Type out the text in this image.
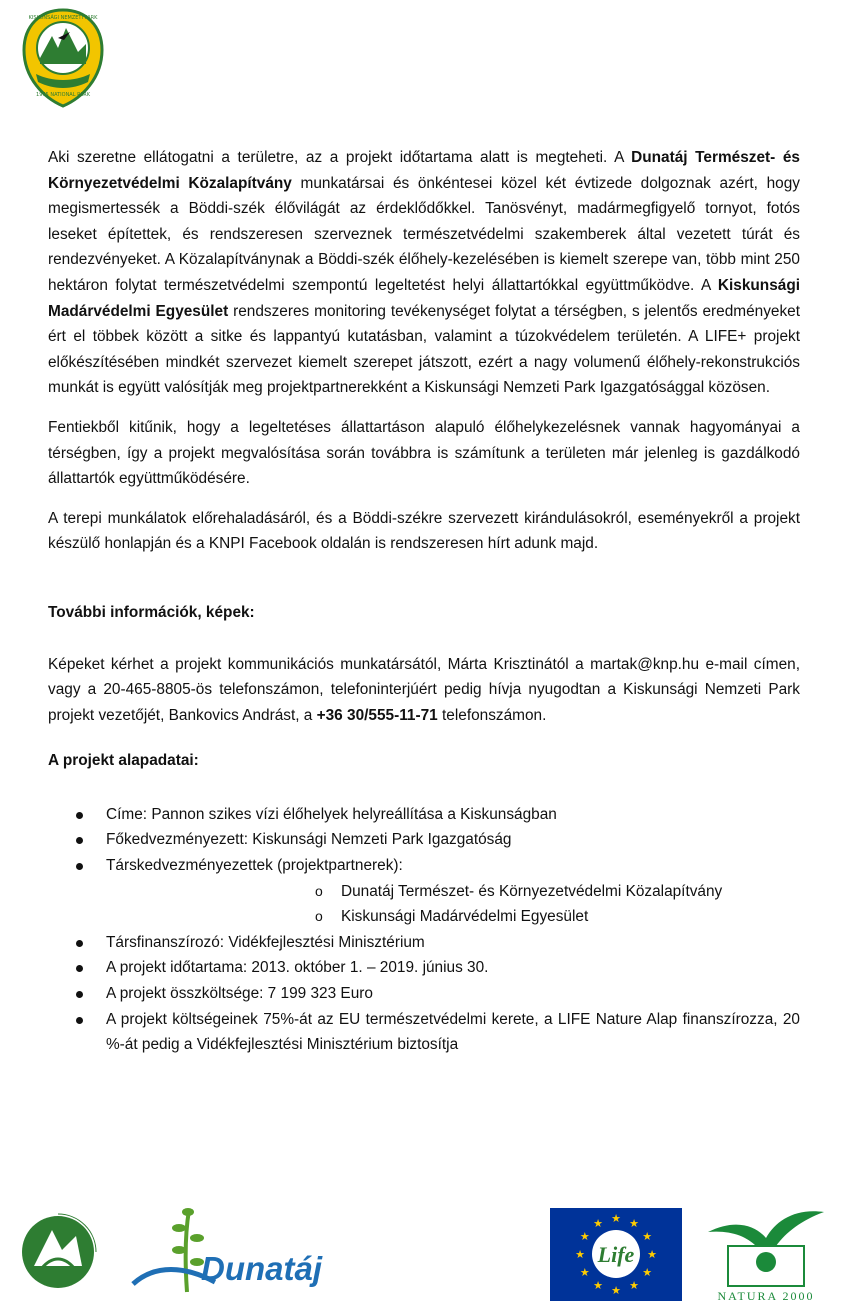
1975 NATIONAL PARK
KISKUNSÁGI NEMZETI PARK

Aki szeretne ellátogatni a területre, az a projekt időtartama alatt is megteheti. A Dunatáj Természet- és Környezetvédelmi Közalapítvány munkatársai és önkéntesei közel két évtizede dolgoznak azért, hogy megismertessék a Böddi-szék élővilágát az érdeklődőkkel. Tanösvényt, madármegfigyelő tornyot, fotós leseket építettek, és rendszeresen szerveznek természetvédelmi szakemberek által vezetett túrát és rendezvényeket. A Közalapítványnak a Böddi-szék élőhely-kezelésében is kiemelt szerepe van, több mint 250 hektáron folytat természetvédelmi szempontú legeltetést helyi állattartókkal együttműködve. A Kiskunsági Madárvédelmi Egyesület rendszeres monitoring tevékenységet folytat a térségben, s jelentős eredményeket ért el többek között a sitke és lappantyú kutatásban, valamint a túzokvédelem területén. A LIFE+ projekt előkészítésében mindkét szervezet kiemelt szerepet játszott, ezért a nagy volumenű élőhely-rekonstrukciós munkát is együtt valósítják meg projektpartnerekként a Kiskunsági Nemzeti Park Igazgatósággal közösen.

Fentiekből kitűnik, hogy a legeltetéses állattartáson alapuló élőhelykezelésnek vannak hagyományai a térségben, így a projekt megvalósítása során továbbra is számítunk a területen már jelenleg is gazdálkodó állattartók együttműködésére.

A terepi munkálatok előrehaladásáról, és a Böddi-székre szervezett kirándulásokról, eseményekről a projekt készülő honlapján és a KNPI Facebook oldalán is rendszeresen hírt adunk majd.

További információk, képek:

Képeket kérhet a projekt kommunikációs munkatársától, Márta Krisztinától a martak@knp.hu e-mail címen, vagy a 20-465-8805-ös telefonszámon, telefoninterjúért pedig hívja nyugodtan a Kiskunsági Nemzeti Park projekt vezetőjét, Bankovics Andrást, a +36 30/555-11-71 telefonszámon.

A projekt alapadatai:

Címe: Pannon szikes vízi élőhelyek helyreállítása a Kiskunságban
Főkedvezményezett: Kiskunsági Nemzeti Park Igazgatóság
Társkedvezményezettek (projektpartnerek):
o Dunatáj Természet- és Környezetvédelmi Közalapítvány
o Kiskunsági Madárvédelmi Egyesület
Társfinanszírozó: Vidékfejlesztési Minisztérium
A projekt időtartama: 2013. október 1. – 2019. június 30.
A projekt összköltsége: 7 199 323 Euro
A projekt költségeinek 75%-át az EU természetvédelmi kerete, a LIFE Nature Alap finanszírozza, 20 %-át pedig a Vidékfejlesztési Minisztérium biztosítja
Dunatáj	★
★
★
★
★
★
★
★
★ ★ ★
★
Life
NATURA 2000
